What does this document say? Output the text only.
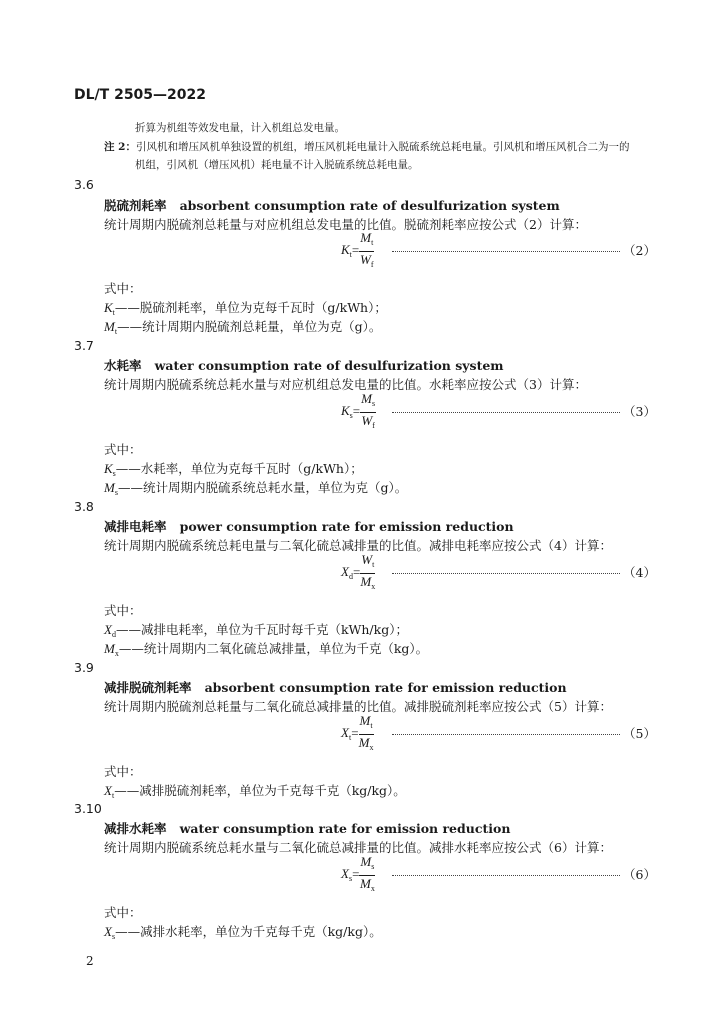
DL/T 2505—2022
折算为机组等效发电量，计入机组总发电量。
注 2：引风机和增压风机单独设置的机组，增压风机耗电量计入脱硫系统总耗电量。引风机和增压风机合二为一的
机组，引风机（增压风机）耗电量不计入脱硫系统总耗电量。
3.6
脱硫剂耗率 absorbent consumption rate of desulfurization system
统计周期内脱硫剂总耗量与对应机组总发电量的比值。脱硫剂耗率应按公式（2）计算：
$K_t= \frac{M_t}{W_f}$	（2）
式中：
$K_t——$脱硫剂耗率，单位为克每千瓦时（g/kWh）；
$M_t——$统计周期内脱硫剂总耗量，单位为克（g）。
3.7
水耗率 water consumption rate of desulfurization system
统计周期内脱硫系统总耗水量与对应机组总发电量的比值。水耗率应按公式（3）计算：
$K_s= \frac{M_s}{W_f}$	（3）
式中：
$K_s——$水耗率，单位为克每千瓦时（g/kWh）；
$M_s——$统计周期内脱硫系统总耗水量，单位为克（g）。
3.8
减排电耗率 power consumption rate for emission reduction
统计周期内脱硫系统总耗电量与二氧化硫总减排量的比值。减排电耗率应按公式（4）计算：
$X_d= \frac{W_t}{M_x}$	（4）
式中：
$X_d——$减排电耗率，单位为千瓦时每千克（kWh/kg）；
$M_x——$统计周期内二氧化硫总减排量，单位为千克（kg）。
3.9
减排脱硫剂耗率 absorbent consumption rate for emission reduction
统计周期内脱硫剂总耗量与二氧化硫总减排量的比值。减排脱硫剂耗率应按公式（5）计算：
$X_t= \frac{M_t}{M_x}$	（5）
式中：
$X_t——$减排脱硫剂耗率，单位为千克每千克（kg/kg）。
3.10
减排水耗率 water consumption rate for emission reduction
统计周期内脱硫系统总耗水量与二氧化硫总减排量的比值。减排水耗率应按公式（6）计算：
$X_s= \frac{M_s}{M_x}$	（6）
式中：
$X_s——$减排水耗率，单位为千克每千克（kg/kg）。
2
